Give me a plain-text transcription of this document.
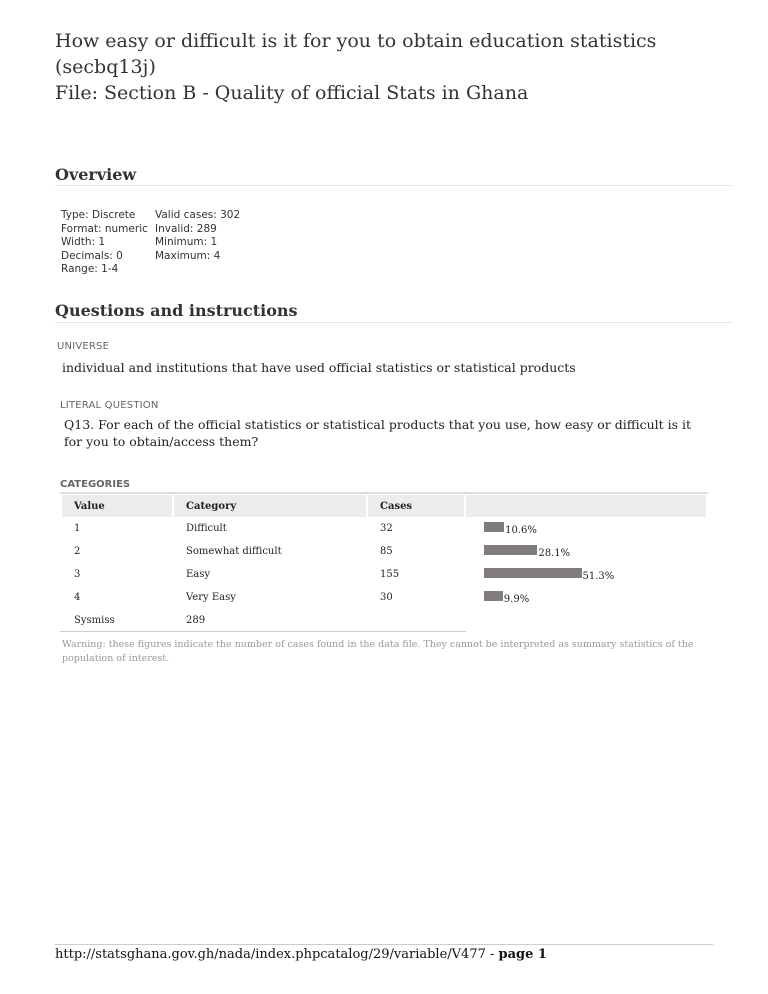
How easy or difficult is it for you to obtain education statistics
(secbq13j)
File: Section B - Quality of official Stats in Ghana
Overview
Type: Discrete
Format: numeric
Width: 1
Decimals: 0
Range: 1-4
Valid cases: 302
Invalid: 289
Minimum: 1
Maximum: 4
Questions and instructions
UNIVERSE
individual and institutions that have used official statistics or statistical products
LITERAL QUESTION
Q13. For each of the official statistics or statistical products that you use, how easy or difficult is it for you to obtain/access them?
CATEGORIES
Value	Category	Cases	
1	Difficult	32	10.6%
2	Somewhat difficult	85	28.1%
3	Easy	155	51.3%
4	Very Easy	30	9.9%
Sysmiss	289		
Warning: these figures indicate the number of cases found in the data file. They cannot be interpreted as summary statistics of the population of interest.
http://statsghana.gov.gh/nada/index.phpcatalog/29/variable/V477 - page 1
